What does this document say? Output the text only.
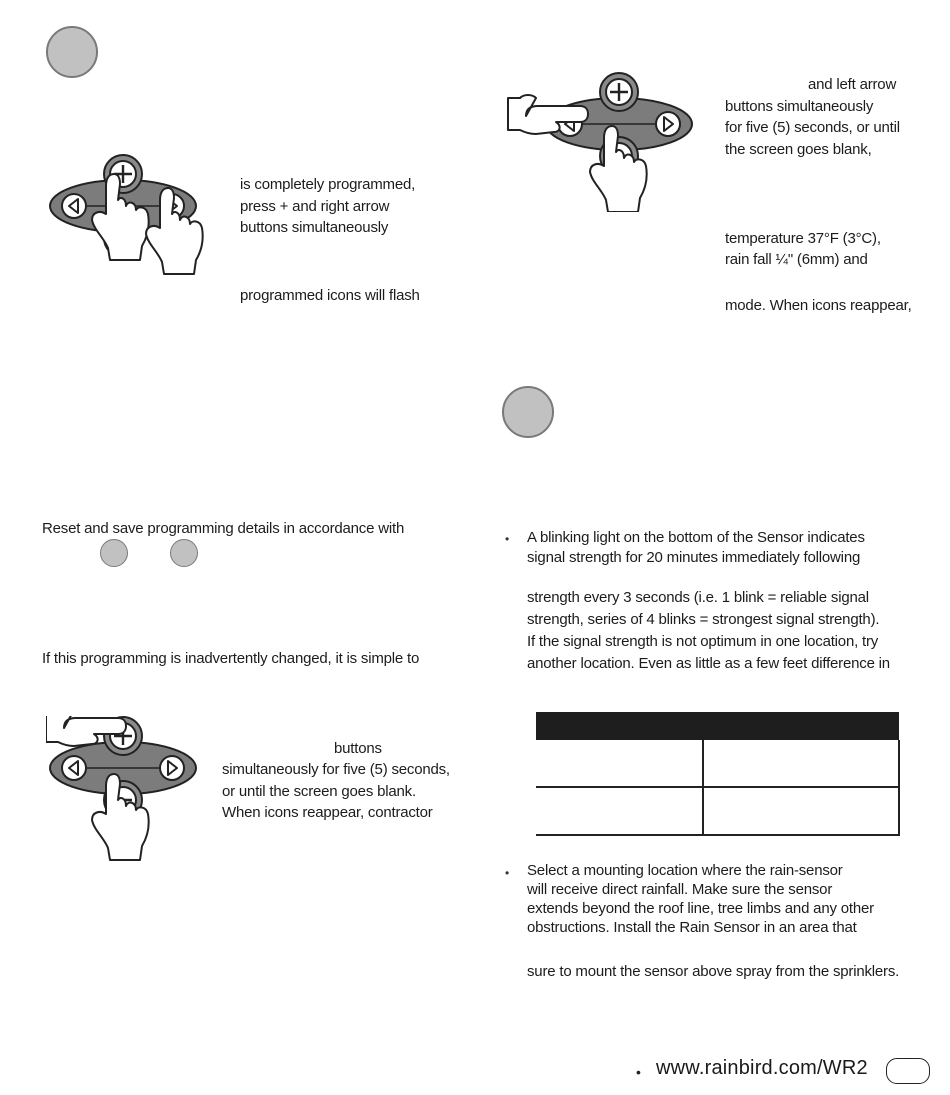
is completely programmed,
press + and right arrow
buttons simultaneously
programmed icons will flash
Reset and save programming details in accordance with
If this programming is inadvertently changed, it is simple to
buttons
simultaneously for five (5) seconds,
or until the screen goes blank.
When icons reappear, contractor
and left arrow
buttons simultaneously
for five (5) seconds, or until
the screen goes blank,
temperature 37°F (3°C),
rain fall ¼" (6mm) and
mode. When icons reappear,
• A blinking light on the bottom of the Sensor indicates
signal strength for 20 minutes immediately following
strength every 3 seconds (i.e. 1 blink = reliable signal
strength, series of 4 blinks = strongest signal strength).
If the signal strength is not optimum in one location, try
another location. Even as little as a few feet difference in

• Select a mounting location where the rain-sensor
will receive direct rainfall. Make sure the sensor
extends beyond the roof line, tree limbs and any other
obstructions. Install the Rain Sensor in an area that
sure to mount the sensor above spray from the sprinklers.
• www.rainbird.com/WR2
